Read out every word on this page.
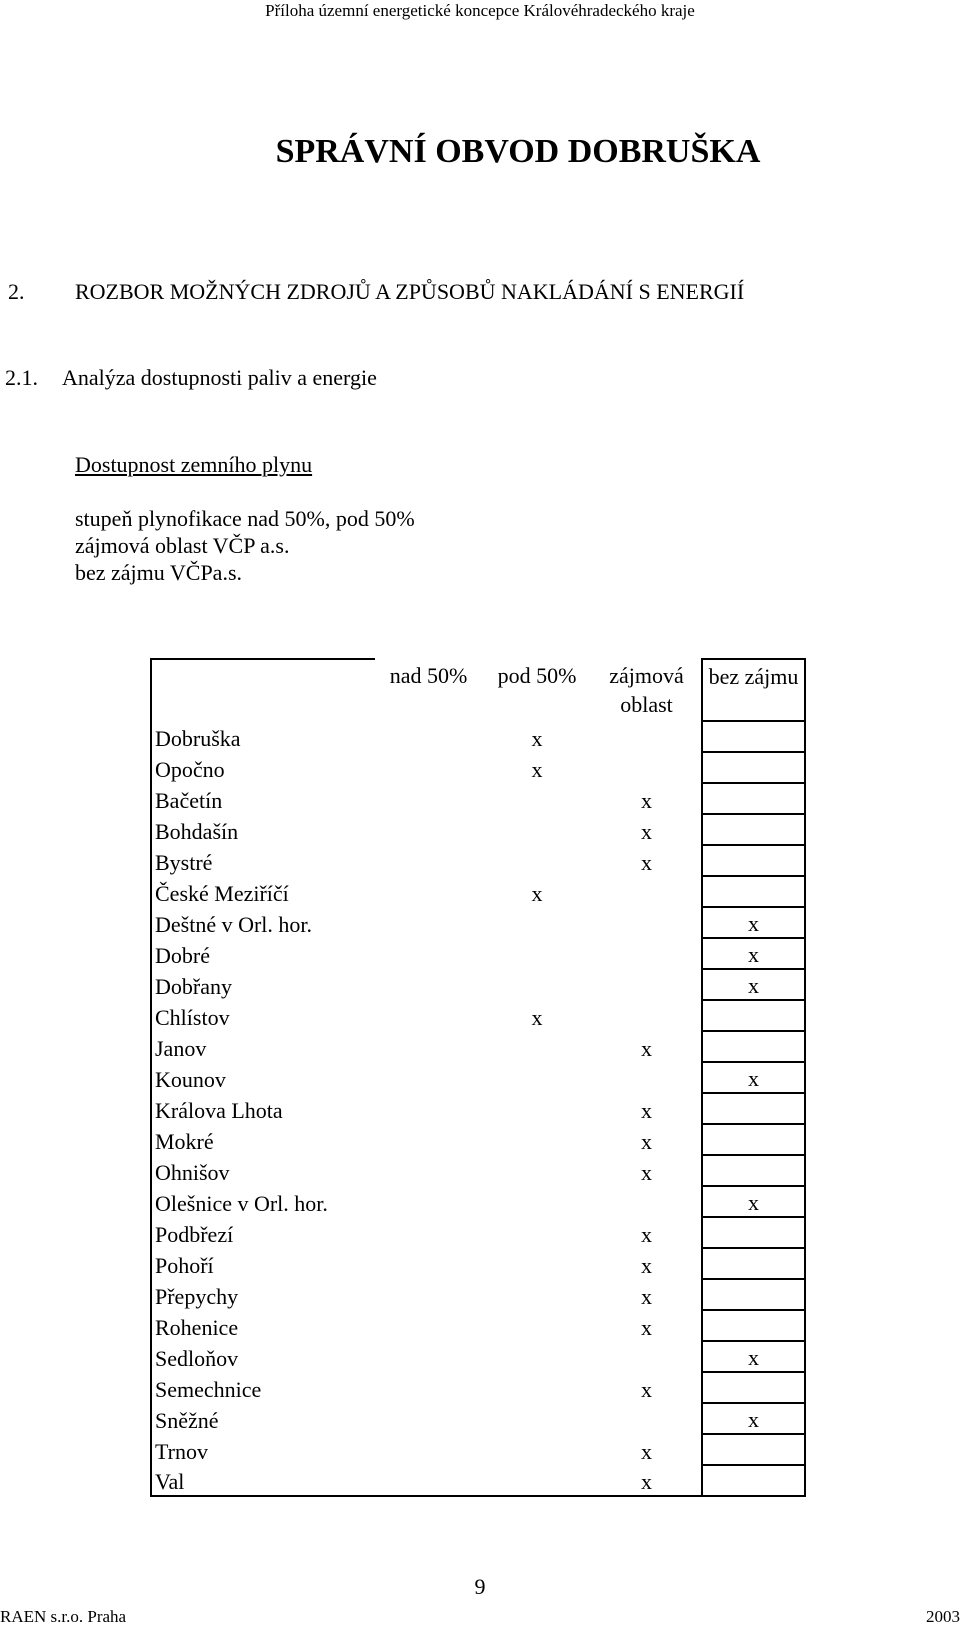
Příloha územní energetické koncepce Královéhradeckého kraje
SPRÁVNÍ OBVOD DOBRUŠKA
2. ROZBOR MOŽNÝCH ZDROJŮ A ZPŮSOBŮ NAKLÁDÁNÍ S ENERGIÍ
2.1. Analýza dostupnosti paliv a energie
Dostupnost zemního plynu
stupeň plynofikace nad 50%, pod 50%
zájmová oblast VČP a.s.
bez zájmu VČPa.s.
	nad 50%	pod 50%	zájmová oblast	bez zájmu
Dobruška		x		
Opočno		x		
Bačetín			x	
Bohdašín			x	
Bystré			x	
České Meziříčí		x		
Deštné v Orl. hor.				x
Dobré				x
Dobřany				x
Chlístov		x		
Janov			x	
Kounov				x
Králova Lhota			x	
Mokré			x	
Ohnišov			x	
Olešnice v Orl. hor.				x
Podbřezí			x	
Pohoří			x	
Přepychy			x	
Rohenice			x	
Sedloňov				x
Semechnice			x	
Sněžné				x
Trnov			x	
Val			x	
9
RAEN s.r.o. Praha	2003
